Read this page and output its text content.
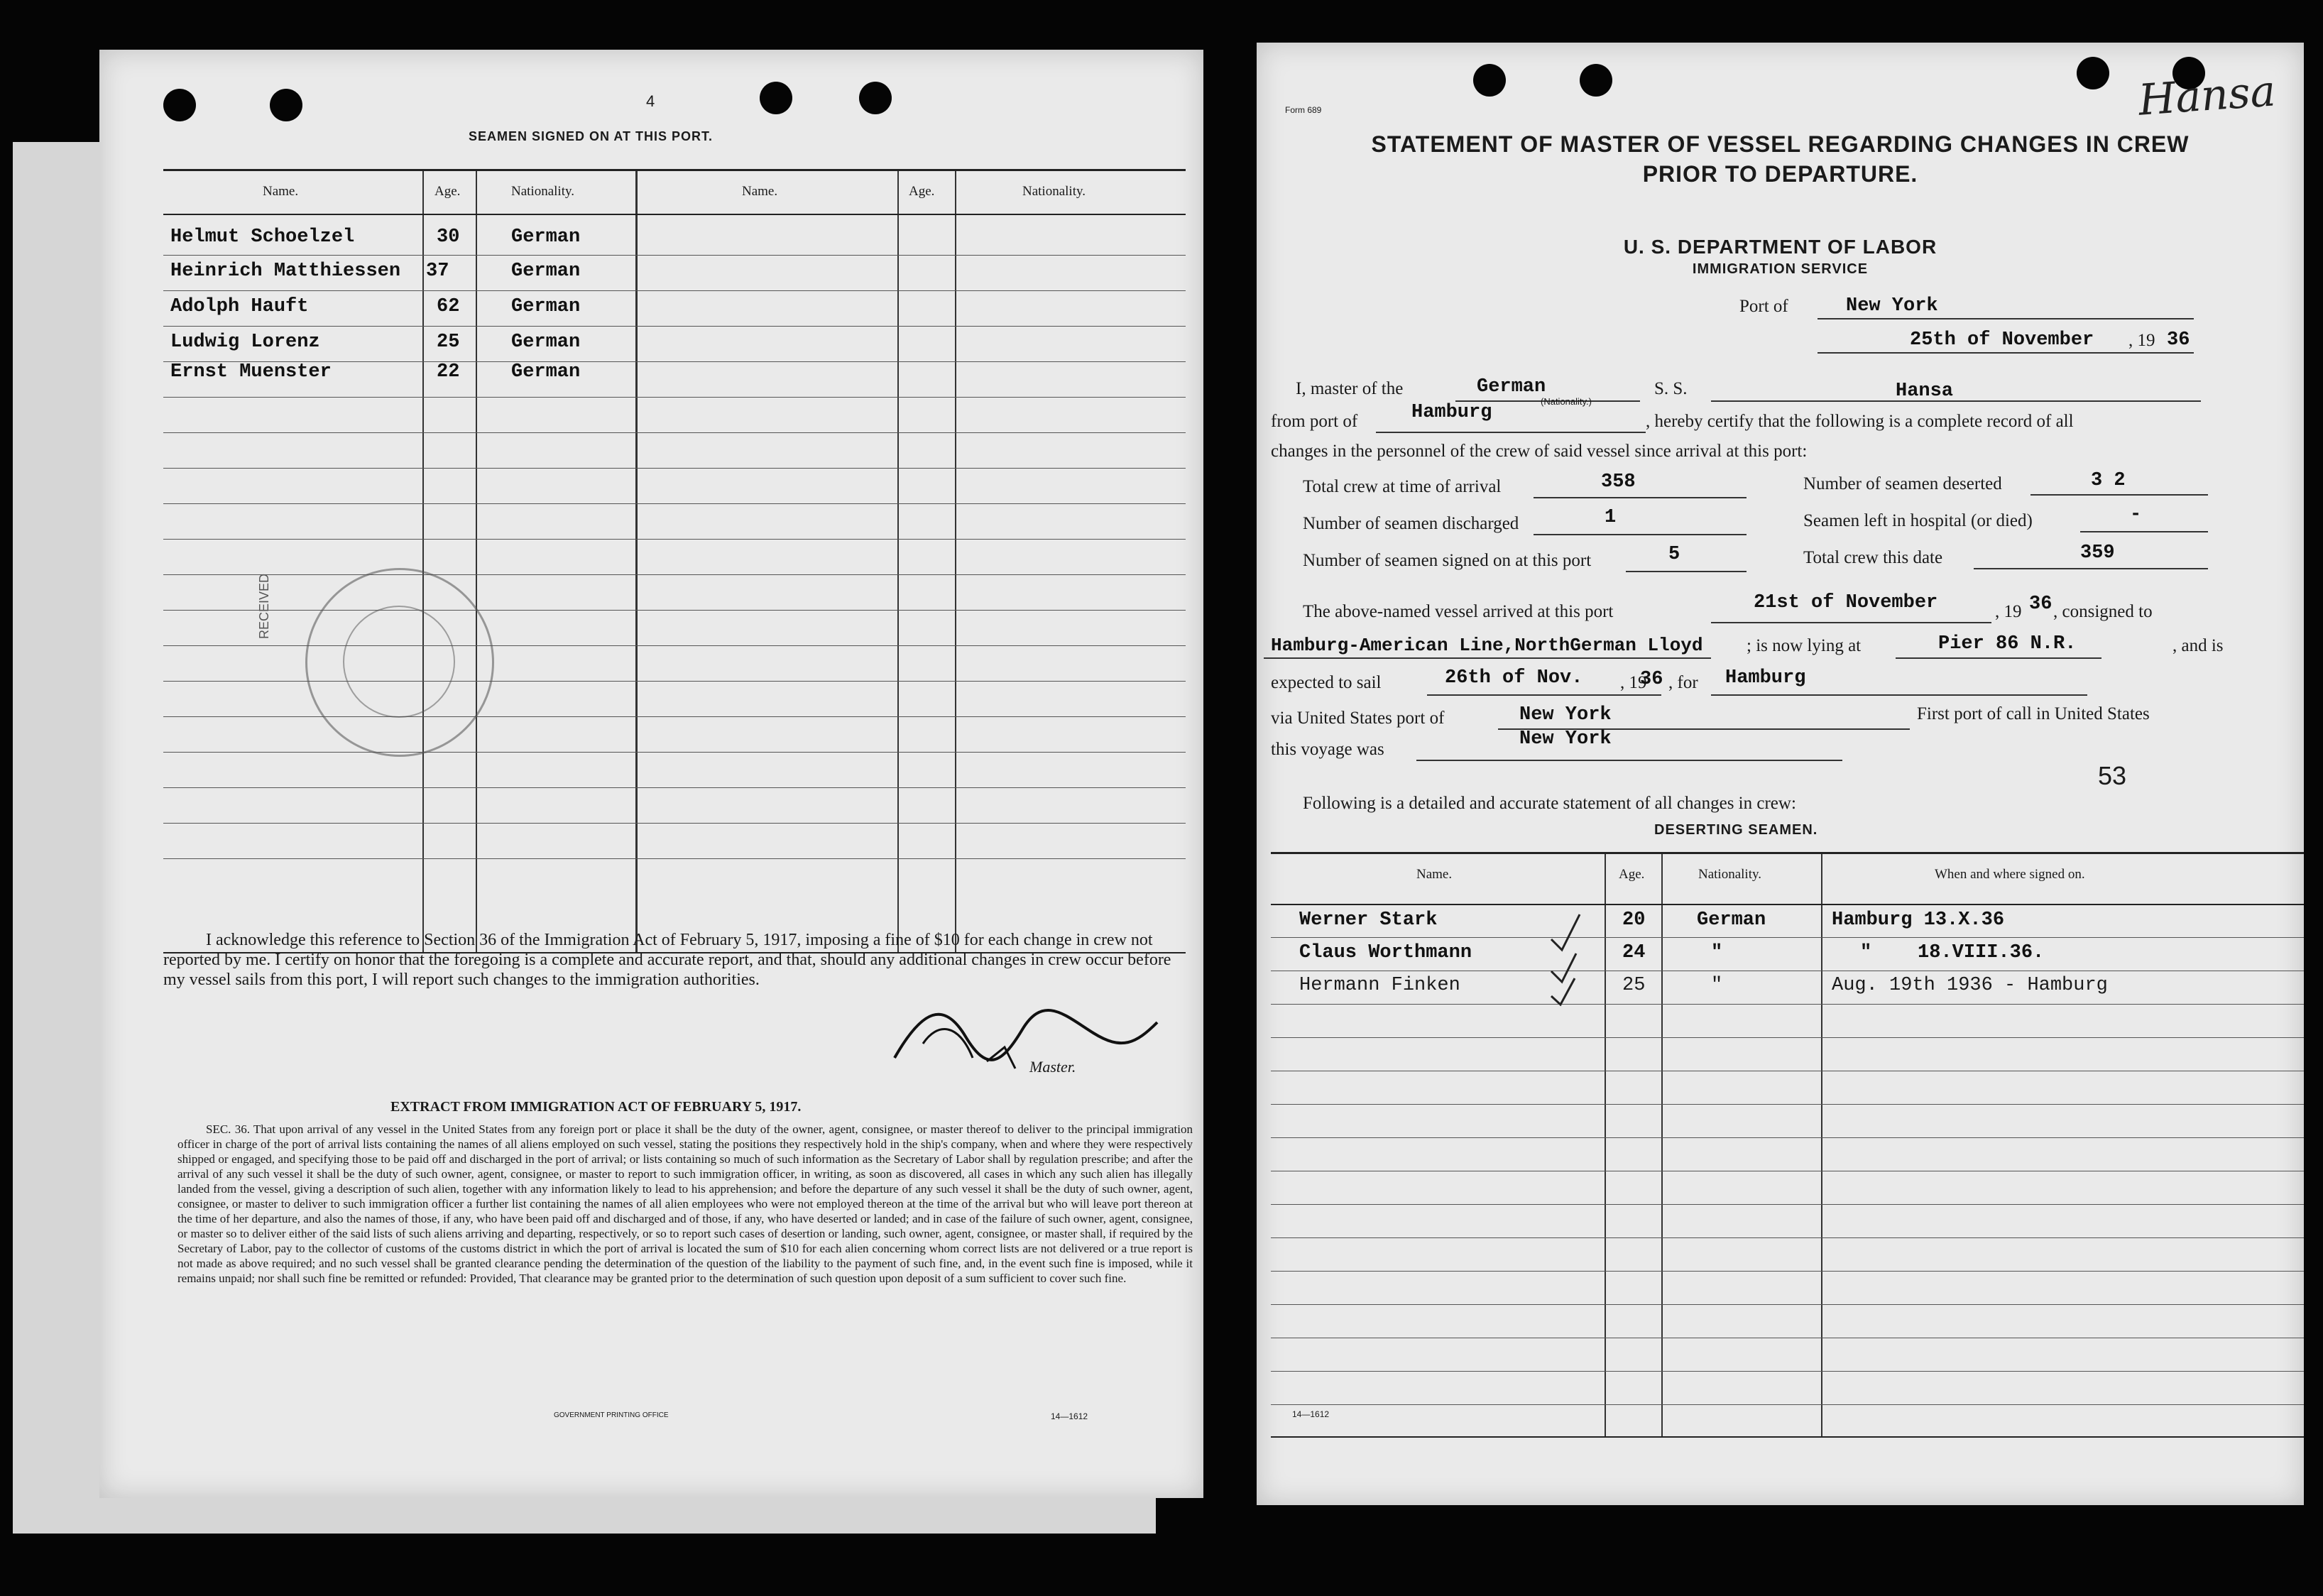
4
SEAMEN SIGNED ON AT THIS PORT.
Name.	Age.	Nationality.	Name.	Age.	Nationality.
Helmut Schoelzel	30	German
Heinrich Matthiessen 37	German
Adolph Hauft	62	German
Ludwig Lorenz	25	German
Ernst Muenster	22	German
RECEIVED
I acknowledge this reference to Section 36 of the Immigration Act of February 5, 1917, imposing a fine of $10 for each change in crew not reported by me. I certify on honor that the foregoing is a complete and accurate report, and that, should any additional changes in crew occur before my vessel sails from this port, I will report such changes to the immigration authorities.
Master.
EXTRACT FROM IMMIGRATION ACT OF FEBRUARY 5, 1917.
SEC. 36. That upon arrival of any vessel in the United States from any foreign port or place it shall be the duty of the owner, agent, consignee, or master thereof to deliver to the principal immigration officer in charge of the port of arrival lists containing the names of all aliens employed on such vessel, stating the positions they respectively hold in the ship's company, when and where they were respectively shipped or engaged, and specifying those to be paid off and discharged in the port of arrival; or lists containing so much of such information as the Secretary of Labor shall by regulation prescribe; and after the arrival of any such vessel it shall be the duty of such owner, agent, consignee, or master to report to such immigration officer, in writing, as soon as discovered, all cases in which any such alien has illegally landed from the vessel, giving a description of such alien, together with any information likely to lead to his apprehension; and before the departure of any such vessel it shall be the duty of such owner, agent, consignee, or master to deliver to such immigration officer a further list containing the names of all alien employees who were not employed thereon at the time of the arrival but who will leave port thereon at the time of her departure, and also the names of those, if any, who have been paid off and discharged and of those, if any, who have deserted or landed; and in case of the failure of such owner, agent, consignee, or master so to deliver either of the said lists of such aliens arriving and departing, respectively, or so to report such cases of desertion or landing, such owner, agent, consignee, or master shall, if required by the Secretary of Labor, pay to the collector of customs of the customs district in which the port of arrival is located the sum of $10 for each alien concerning whom correct lists are not delivered or a true report is not made as above required; and no such vessel shall be granted clearance pending the determination of the question of the liability to the payment of such fine, and, in the event such fine is imposed, while it remains unpaid; nor shall such fine be remitted or refunded: Provided, That clearance may be granted prior to the determination of such question upon deposit of a sum sufficient to cover such fine.
GOVERNMENT PRINTING OFFICE	14—1612
Form 689	Hansa
STATEMENT OF MASTER OF VESSEL REGARDING CHANGES IN CREW
PRIOR TO DEPARTURE.
U. S. DEPARTMENT OF LABOR
IMMIGRATION SERVICE
Port of	New York
25th of November , 19 36
I, master of the	German
(Nationality.)
S. S.	Hansa
from port of	Hamburg	, hereby certify that the following is a complete record of all
changes in the personnel of the crew of said vessel since arrival at this port:
Total crew at time of arrival	358	Number of seamen deserted	3 2
Number of seamen discharged	1	Seamen left in hospital (or died)	-
Number of seamen signed on at this port	5	Total crew this date	359
The above-named vessel arrived at this port	21st of November	, 19 36 , consigned to
Hamburg-American Line,NorthGerman Lloyd ; is now lying at	Pier 86 N.R.	, and is
expected to sail	26th of Nov. , 19
36 , for Hamburg
via United States port of	New York	First port of call in United States
this voyage was	New York
53
Following is a detailed and accurate statement of all changes in crew:
DESERTING SEAMEN.
Name.	Age.	Nationality.	When and where signed on.
Werner Stark	20	German	Hamburg 13.X.36
Claus Worthmann	24	"	"    18.VIII.36.
Hermann Finken	25	"	Aug. 19th 1936 - Hamburg
14—1612
